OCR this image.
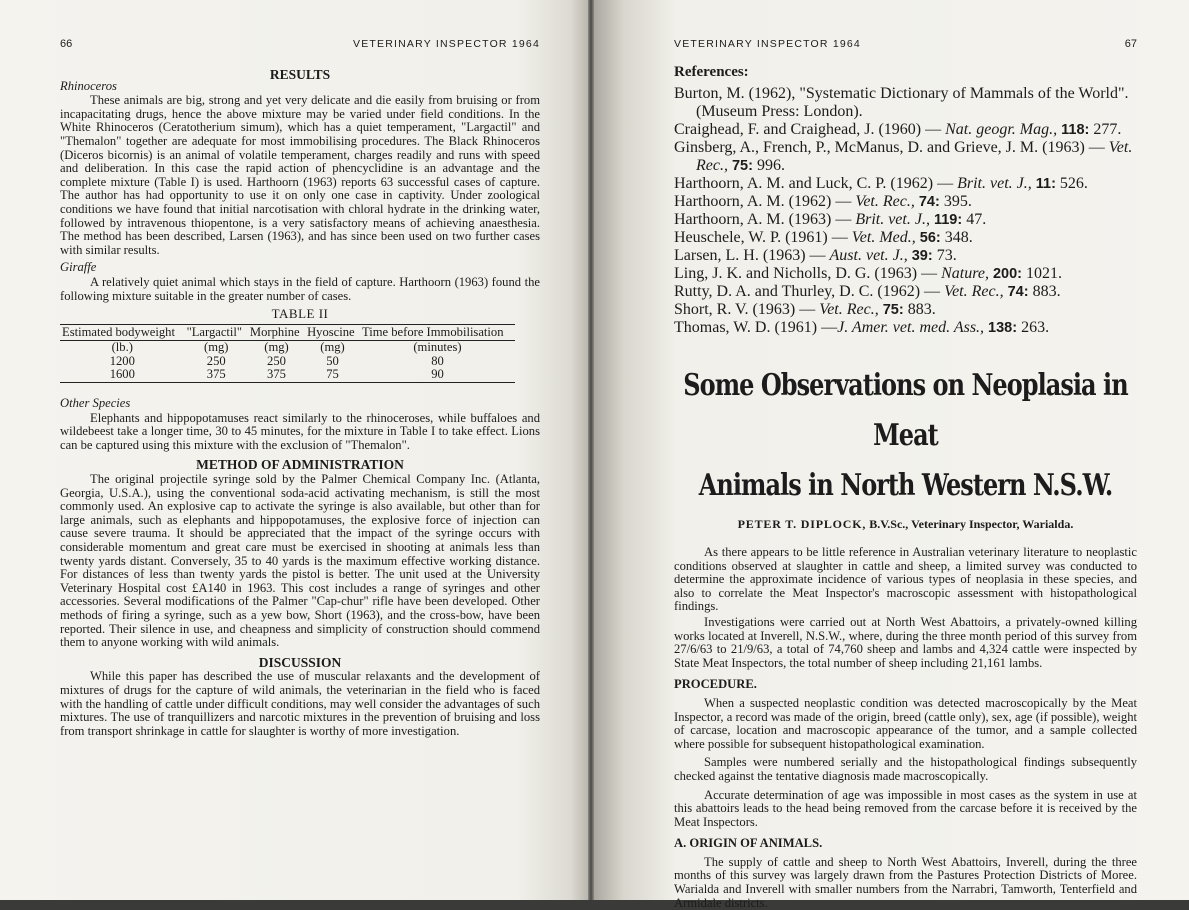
66	VETERINARY INSPECTOR 1964
RESULTS
Rhinoceros

These animals are big, strong and yet very delicate and die easily from bruising or from incapacitating drugs, hence the above mixture may be varied under field conditions. In the White Rhinoceros (Ceratotherium simum), which has a quiet temperament, "Largactil" and "Themalon" together are adequate for most immobilising procedures. The Black Rhinoceros (Diceros bicornis) is an animal of volatile temperament, charges readily and runs with speed and deliberation. In this case the rapid action of phencyclidine is an advantage and the complete mixture (Table I) is used. Harthoorn (1963) reports 63 successful cases of capture. The author has had opportunity to use it on only one case in captivity. Under zoological conditions we have found that initial narcotisation with chloral hydrate in the drinking water, followed by intravenous thiopentone, is a very satisfactory means of achieving anaesthesia. The method has been described, Larsen (1963), and has since been used on two further cases with similar results.

Giraffe

A relatively quiet animal which stays in the field of capture. Harthoorn (1963) found the following mixture suitable in the greater number of cases.

TABLE II
Estimated bodyweight	"Largactil"	Morphine	Hyoscine	Time before Immobilisation
(lb.)	(mg)	(mg)	(mg)	(minutes)
1200	250	250	50	80
1600	375	375	75	90
Other Species

Elephants and hippopotamuses react similarly to the rhinoceroses, while buffaloes and wildebeest take a longer time, 30 to 45 minutes, for the mixture in Table I to take effect. Lions can be captured using this mixture with the exclusion of "Themalon".

METHOD OF ADMINISTRATION

The original projectile syringe sold by the Palmer Chemical Company Inc. (Atlanta, Georgia, U.S.A.), using the conventional soda-acid activating mechanism, is still the most commonly used. An explosive cap to activate the syringe is also available, but other than for large animals, such as elephants and hippopotamuses, the explosive force of injection can cause severe trauma. It should be appreciated that the impact of the syringe occurs with considerable momentum and great care must be exercised in shooting at animals less than twenty yards distant. Conversely, 35 to 40 yards is the maximum effective working distance. For distances of less than twenty yards the pistol is better. The unit used at the University Veterinary Hospital cost £A140 in 1963. This cost includes a range of syringes and other accessories. Several modifications of the Palmer "Cap-chur" rifle have been developed. Other methods of firing a syringe, such as a yew bow, Short (1963), and the cross-bow, have been reported. Their silence in use, and cheapness and simplicity of construction should commend them to anyone working with wild animals.

DISCUSSION

While this paper has described the use of muscular relaxants and the development of mixtures of drugs for the capture of wild animals, the veterinarian in the field who is faced with the handling of cattle under difficult conditions, may well consider the advantages of such mixtures. The use of tranquillizers and narcotic mixtures in the prevention of bruising and loss from transport shrinkage in cattle for slaughter is worthy of more investigation.

VETERINARY INSPECTOR 1964	67
References:
Burton, M. (1962), "Systematic Dictionary of Mammals of the World". (Museum Press: London).
Craighead, F. and Craighead, J. (1960) — Nat. geogr. Mag., 118: 277.
Ginsberg, A., French, P., McManus, D. and Grieve, J. M. (1963) — Vet. Rec., 75: 996.
Harthoorn, A. M. and Luck, C. P. (1962) — Brit. vet. J., 11: 526.
Harthoorn, A. M. (1962) — Vet. Rec., 74: 395.
Harthoorn, A. M. (1963) — Brit. vet. J., 119: 47.
Heuschele, W. P. (1961) — Vet. Med., 56: 348.
Larsen, L. H. (1963) — Aust. vet. J., 39: 73.
Ling, J. K. and Nicholls, D. G. (1963) — Nature, 200: 1021.
Rutty, D. A. and Thurley, D. C. (1962) — Vet. Rec., 74: 883.
Short, R. V. (1963) — Vet. Rec., 75: 883.
Thomas, W. D. (1961) —J. Amer. vet. med. Ass., 138: 263.
Some Observations on Neoplasia in Meat
Animals in North Western N.S.W.
PETER T. DIPLOCK, B.V.Sc., Veterinary Inspector, Warialda.

As there appears to be little reference in Australian veterinary literature to neoplastic conditions observed at slaughter in cattle and sheep, a limited survey was conducted to determine the approximate incidence of various types of neoplasia in these species, and also to correlate the Meat Inspector's macroscopic assessment with histopathological findings.

Investigations were carried out at North West Abattoirs, a privately-owned killing works located at Inverell, N.S.W., where, during the three month period of this survey from 27/6/63 to 21/9/63, a total of 74,760 sheep and lambs and 4,324 cattle were inspected by State Meat Inspectors, the total number of sheep including 21,161 lambs.

PROCEDURE.

When a suspected neoplastic condition was detected macroscopically by the Meat Inspector, a record was made of the origin, breed (cattle only), sex, age (if possible), weight of carcase, location and macroscopic appearance of the tumor, and a sample collected where possible for subsequent histopathological examination.

Samples were numbered serially and the histopathological findings subsequently checked against the tentative diagnosis made macroscopically.

Accurate determination of age was impossible in most cases as the system in use at this abattoirs leads to the head being removed from the carcase before it is received by the Meat Inspectors.

A. ORIGIN OF ANIMALS.

The supply of cattle and sheep to North West Abattoirs, Inverell, during the three months of this survey was largely drawn from the Pastures Protection Districts of Moree. Warialda and Inverell with smaller numbers from the Narrabri, Tamworth, Tenterfield and Armidale districts.
